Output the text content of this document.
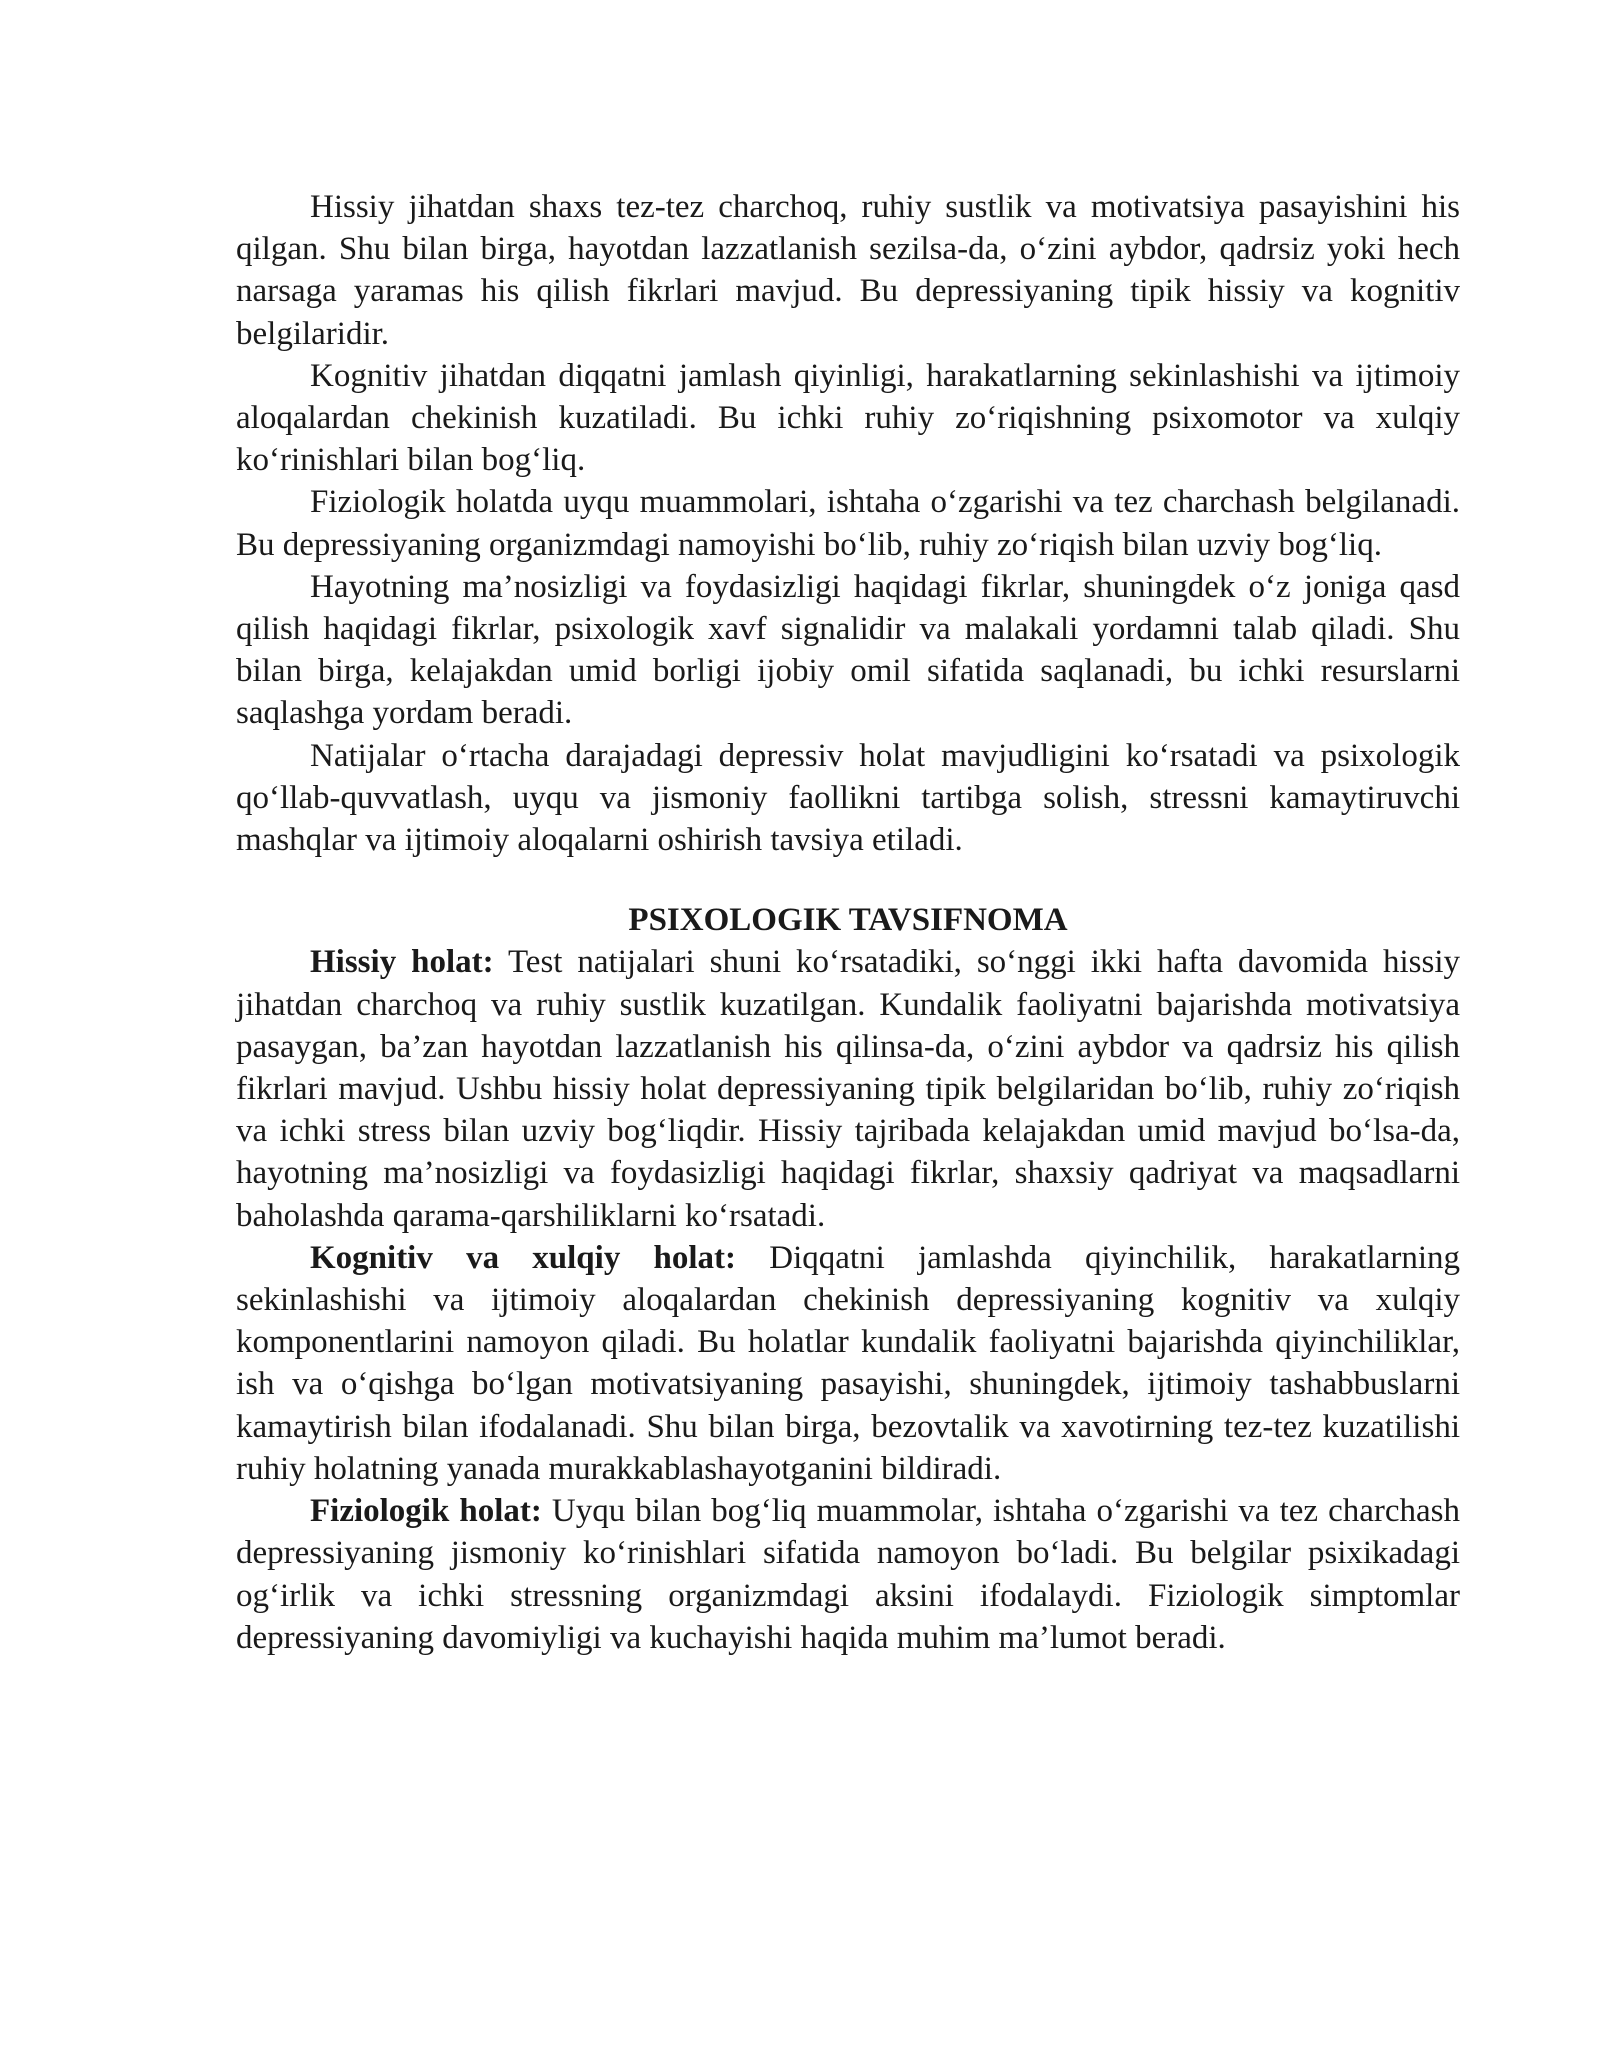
Hissiy jihatdan shaxs tez-tez charchoq, ruhiy sustlik va motivatsiya pasayishini his qilgan. Shu bilan birga, hayotdan lazzatlanish sezilsa-da, o‘zini aybdor, qadrsiz yoki hech narsaga yaramas his qilish fikrlari mavjud. Bu depressiyaning tipik hissiy va kognitiv belgilaridir.

Kognitiv jihatdan diqqatni jamlash qiyinligi, harakatlarning sekinlashishi va ijtimoiy aloqalardan chekinish kuzatiladi. Bu ichki ruhiy zo‘riqishning psixomotor va xulqiy ko‘rinishlari bilan bog‘liq.

Fiziologik holatda uyqu muammolari, ishtaha o‘zgarishi va tez charchash belgilanadi. Bu depressiyaning organizmdagi namoyishi bo‘lib, ruhiy zo‘riqish bilan uzviy bog‘liq.

Hayotning ma’nosizligi va foydasizligi haqidagi fikrlar, shuningdek o‘z joniga qasd qilish haqidagi fikrlar, psixologik xavf signalidir va malakali yordamni talab qiladi. Shu bilan birga, kelajakdan umid borligi ijobiy omil sifatida saqlanadi, bu ichki resurslarni saqlashga yordam beradi.

Natijalar o‘rtacha darajadagi depressiv holat mavjudligini ko‘rsatadi va psixologik qo‘llab-quvvatlash, uyqu va jismoniy faollikni tartibga solish, stressni kamaytiruvchi mashqlar va ijtimoiy aloqalarni oshirish tavsiya etiladi.

PSIXOLOGIK TAVSIFNOMA

Hissiy holat: Test natijalari shuni ko‘rsatadiki, so‘nggi ikki hafta davomida hissiy jihatdan charchoq va ruhiy sustlik kuzatilgan. Kundalik faoliyatni bajarishda motivatsiya pasaygan, ba’zan hayotdan lazzatlanish his qilinsa-da, o‘zini aybdor va qadrsiz his qilish fikrlari mavjud. Ushbu hissiy holat depressiyaning tipik belgilaridan bo‘lib, ruhiy zo‘riqish va ichki stress bilan uzviy bog‘liqdir. Hissiy tajribada kelajakdan umid mavjud bo‘lsa-da, hayotning ma’nosizligi va foydasizligi haqidagi fikrlar, shaxsiy qadriyat va maqsadlarni baholashda qarama-qarshiliklarni ko‘rsatadi.

Kognitiv va xulqiy holat: Diqqatni jamlashda qiyinchilik, harakatlarning sekinlashishi va ijtimoiy aloqalardan chekinish depressiyaning kognitiv va xulqiy komponentlarini namoyon qiladi. Bu holatlar kundalik faoliyatni bajarishda qiyinchiliklar, ish va o‘qishga bo‘lgan motivatsiyaning pasayishi, shuningdek, ijtimoiy tashabbuslarni kamaytirish bilan ifodalanadi. Shu bilan birga, bezovtalik va xavotirning tez-tez kuzatilishi ruhiy holatning yanada murakkablashayotganini bildiradi.

Fiziologik holat: Uyqu bilan bog‘liq muammolar, ishtaha o‘zgarishi va tez charchash depressiyaning jismoniy ko‘rinishlari sifatida namoyon bo‘ladi. Bu belgilar psixikadagi og‘irlik va ichki stressning organizmdagi aksini ifodalaydi. Fiziologik simptomlar depressiyaning davomiyligi va kuchayishi haqida muhim ma’lumot beradi.
